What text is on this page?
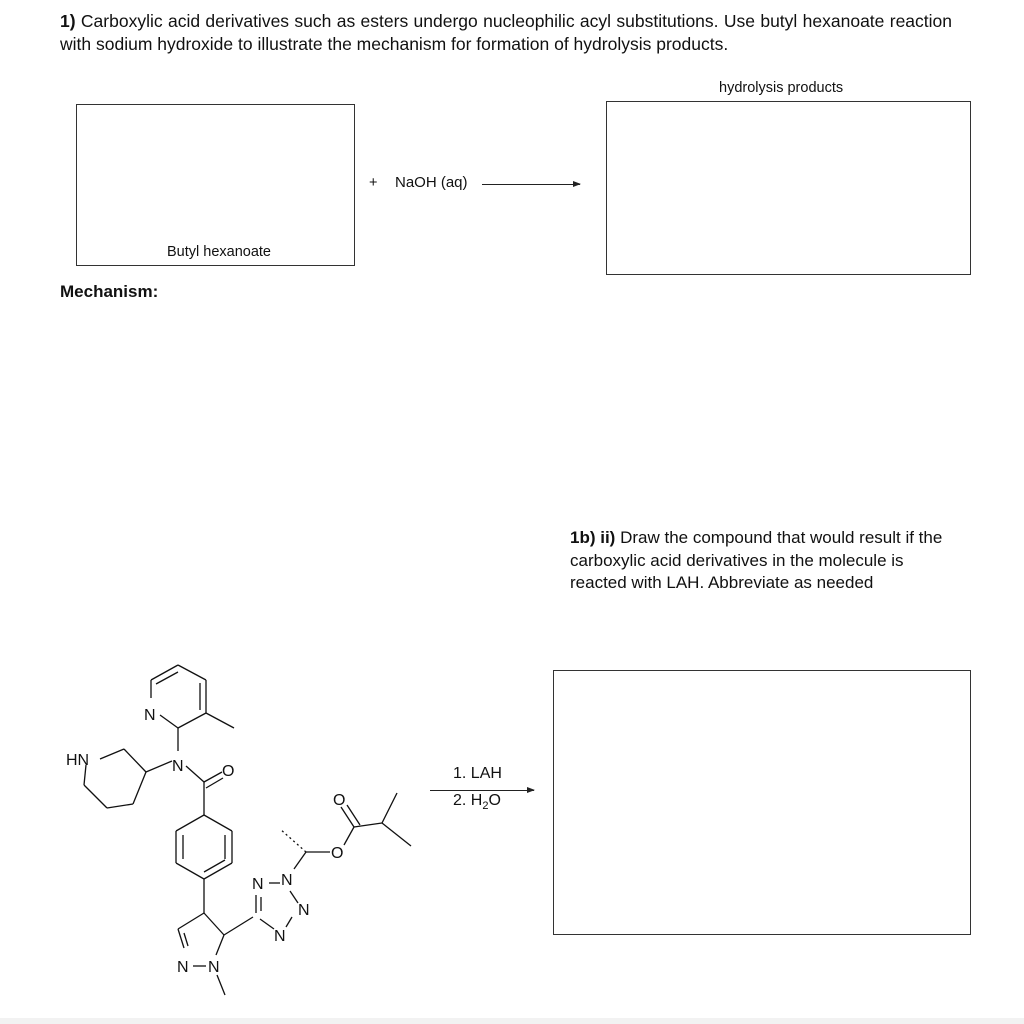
1) Carboxylic acid derivatives such as esters undergo nucleophilic acyl substitutions. Use butyl hexanoate reaction with sodium hydroxide to illustrate the mechanism for formation of hydrolysis products.
Butyl hexanoate
+ NaOH (aq)
hydrolysis products
Mechanism:
1b) ii) Draw the compound that would result if the carboxylic acid derivatives in the molecule is reacted with LAH. Abbreviate as needed
1. LAH
2. $H_2O$
HN	N
N
O
N N
N N
N
N
O
O
